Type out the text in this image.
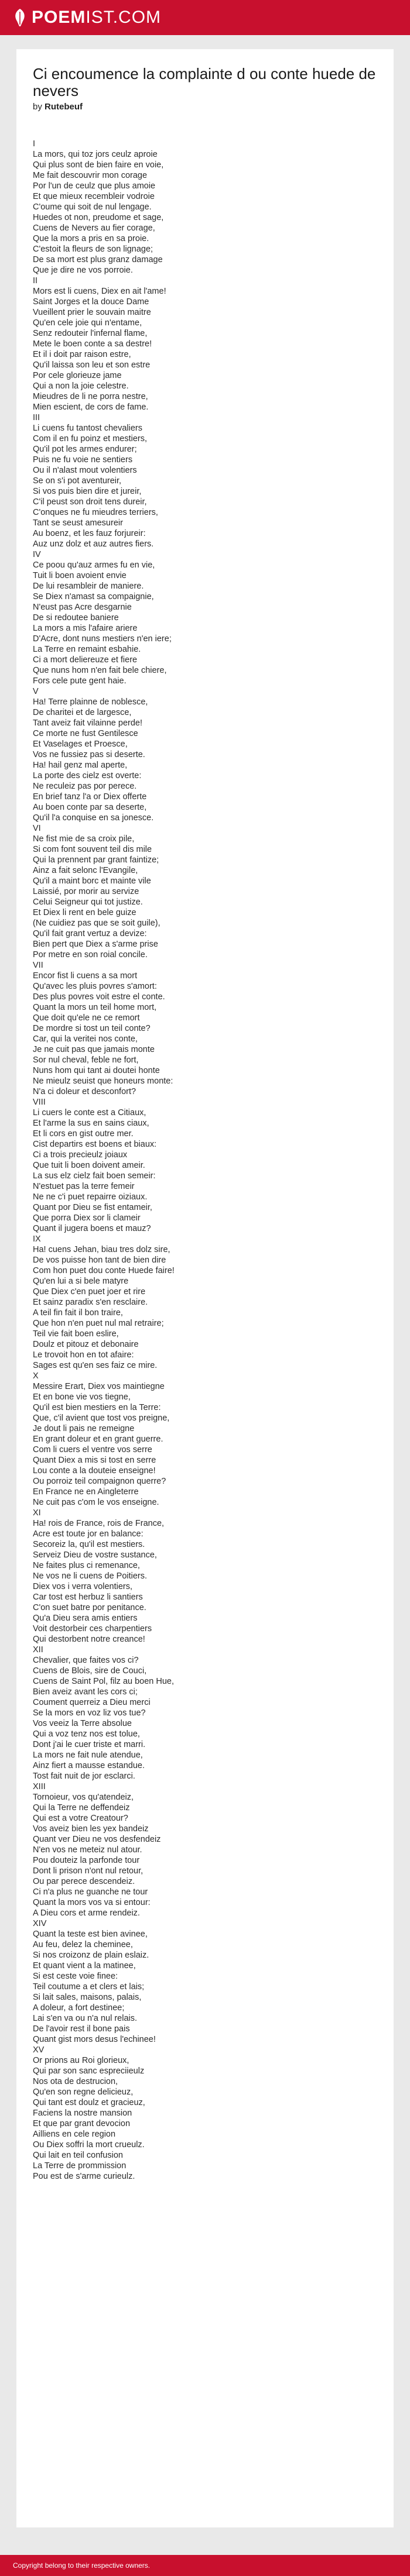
POEMIST.COM
Ci encoumence la complainte d ou conte huede de nevers
by Rutebeuf
I
La mors, qui toz jors ceulz aproie
Qui plus sont de bien faire en voie,
Me fait descouvrir mon corage
Por l'un de ceulz que plus amoie
Et que mieux recembleir vodroie
C'oume qui soit de nul lengage.
Huedes ot non, preudome et sage,
Cuens de Nevers au fier corage,
Que la mors a pris en sa proie.
C'estoit la fleurs de son lignage;
De sa mort est plus granz damage
Que je dire ne vos porroie.
II
Mors est li cuens, Diex en ait l'ame!
Saint Jorges et la douce Dame
Vueillent prier le souvain maitre
Qu'en cele joie qui n'entame,
Senz redouteir l'infernal flame,
Mete le boen conte a sa destre!
Et il i doit par raison estre,
Qu'il laissa son leu et son estre
Por cele glorieuze jame
Qui a non la joie celestre.
Mieudres de li ne porra nestre,
Mien escient, de cors de fame.
III
Li cuens fu tantost chevaliers
Com il en fu poinz et mestiers,
Qu'il pot les armes endurer;
Puis ne fu voie ne sentiers
Ou il n'alast mout volentiers
Se on s'i pot aventureir,
Si vos puis bien dire et jureir,
C'il peust son droit tens dureir,
C'onques ne fu mieudres terriers,
Tant se seust amesureir
Au boenz, et les fauz forjureir:
Auz unz dolz et auz autres fiers.
IV
Ce poou qu'auz armes fu en vie,
Tuit li boen avoient envie
De lui resambleir de maniere.
Se Diex n'amast sa compaignie,
N'eust pas Acre desgarnie
De si redoutee baniere
La mors a mis l'afaire ariere
D'Acre, dont nuns mestiers n'en iere;
La Terre en remaint esbahie.
Ci a mort deliereuze et fiere
Que nuns hom n'en fait bele chiere,
Fors cele pute gent haie.
V
Ha! Terre plainne de noblesce,
De charitei et de largesce,
Tant aveiz fait vilainne perde!
Ce morte ne fust Gentilesce
Et Vaselages et Proesce,
Vos ne fussiez pas si deserte.
Ha! hail genz mal aperte,
La porte des cielz est overte:
Ne reculeiz pas por perece.
En brief tanz l'a or Diex offerte
Au boen conte par sa deserte,
Qu'il l'a conquise en sa jonesce.
VI
Ne fist mie de sa croix pile,
Si com font souvent teil dis mile
Qui la prennent par grant faintize;
Ainz a fait selonc l'Evangile,
Qu'il a maint borc et mainte vile
Laissié, por morir au servize
Celui Seigneur qui tot justize.
Et Diex li rent en bele guize
(Ne cuidiez pas que se soit guile),
Qu'il fait grant vertuz a devize:
Bien pert que Diex a s'arme prise
Por metre en son roial concile.
VII
Encor fist li cuens a sa mort
Qu'avec les pluis povres s'amort:
Des plus povres voit estre el conte.
Quant la mors un teil home mort,
Que doit qu'ele ne ce remort
De mordre si tost un teil conte?
Car, qui la veritei nos conte,
Je ne cuit pas que jamais monte
Sor nul cheval, feble ne fort,
Nuns hom qui tant ai doutei honte
Ne mieulz seuist que honeurs monte:
N'a ci doleur et desconfort?
VIII
Li cuers le conte est a Citiaux,
Et l'arme la sus en sains ciaux,
Et li cors en gist outre mer.
Cist departirs est boens et biaux:
Ci a trois precieulz joiaux
Que tuit li boen doivent ameir.
La sus elz cielz fait boen semeir:
N'estuet pas la terre femeir
Ne ne c'i puet repairre oiziaux.
Quant por Dieu se fist entameir,
Que porra Diex sor li clameir
Quant il jugera boens et mauz?
IX
Ha! cuens Jehan, biau tres dolz sire,
De vos puisse hon tant de bien dire
Com hon puet dou conte Huede faire!
Qu'en lui a si bele matyre
Que Diex c'en puet joer et rire
Et sainz paradix s'en resclaire.
A teil fin fait il bon traire,
Que hon n'en puet nul mal retraire;
Teil vie fait boen eslire,
Doulz et pitouz et debonaire
Le trovoit hon en tot afaire:
Sages est qu'en ses faiz ce mire.
X
Messire Erart, Diex vos maintiegne
Et en bone vie vos tiegne,
Qu'il est bien mestiers en la Terre:
Que, c'il avient que tost vos preigne,
Je dout li pais ne remeigne
En grant doleur et en grant guerre.
Com li cuers el ventre vos serre
Quant Diex a mis si tost en serre
Lou conte a la douteie enseigne!
Ou porroiz teil compaignon querre?
En France ne en Aingleterre
Ne cuit pas c'om le vos enseigne.
XI
Ha! rois de France, rois de France,
Acre est toute jor en balance:
Secoreiz la, qu'il est mestiers.
Serveiz Dieu de vostre sustance,
Ne faites plus ci remenance,
Ne vos ne li cuens de Poitiers.
Diex vos i verra volentiers,
Car tost est herbuz li santiers
C'on suet batre por penitance.
Qu'a Dieu sera amis entiers
Voit destorbeir ces charpentiers
Qui destorbent notre creance!
XII
Chevalier, que faites vos ci?
Cuens de Blois, sire de Couci,
Cuens de Saint Pol, filz au boen Hue,
Bien aveiz avant les cors ci;
Coument querreiz a Dieu merci
Se la mors en voz liz vos tue?
Vos veeiz la Terre absolue
Qui a voz tenz nos est tolue,
Dont j'ai le cuer triste et marri.
La mors ne fait nule atendue,
Ainz fiert a mausse estandue.
Tost fait nuit de jor esclarci.
XIII
Tornoieur, vos qu'atendeiz,
Qui la Terre ne deffendeiz
Qui est a votre Creatour?
Vos aveiz bien les yex bandeiz
Quant ver Dieu ne vos desfendeiz
N'en vos ne meteiz nul atour.
Pou douteiz la parfonde tour
Dont li prison n'ont nul retour,
Ou par perece descendeiz.
Ci n'a plus ne guanche ne tour
Quant la mors vos va si entour:
A Dieu cors et arme rendeiz.
XIV
Quant la teste est bien avinee,
Au feu, delez la cheminee,
Si nos croizonz de plain eslaiz.
Et quant vient a la matinee,
Si est ceste voie finee:
Teil coutume a et clers et lais;
Si lait sales, maisons, palais,
A doleur, a fort destinee;
Lai s'en va ou n'a nul relais.
De l'avoir rest il bone pais
Quant gist mors desus l'echinee!
XV
Or prions au Roi glorieux,
Qui par son sanc espreciieulz
Nos ota de destrucion,
Qu'en son regne delicieuz,
Qui tant est doulz et gracieuz,
Faciens la nostre mansion
Et que par grant devocion
Ailliens en cele region
Ou Diex soffri la mort crueulz.
Qui lait en teil confusion
La Terre de prommission
Pou est de s'arme curieulz.
Copyright belong to their respective owners.
